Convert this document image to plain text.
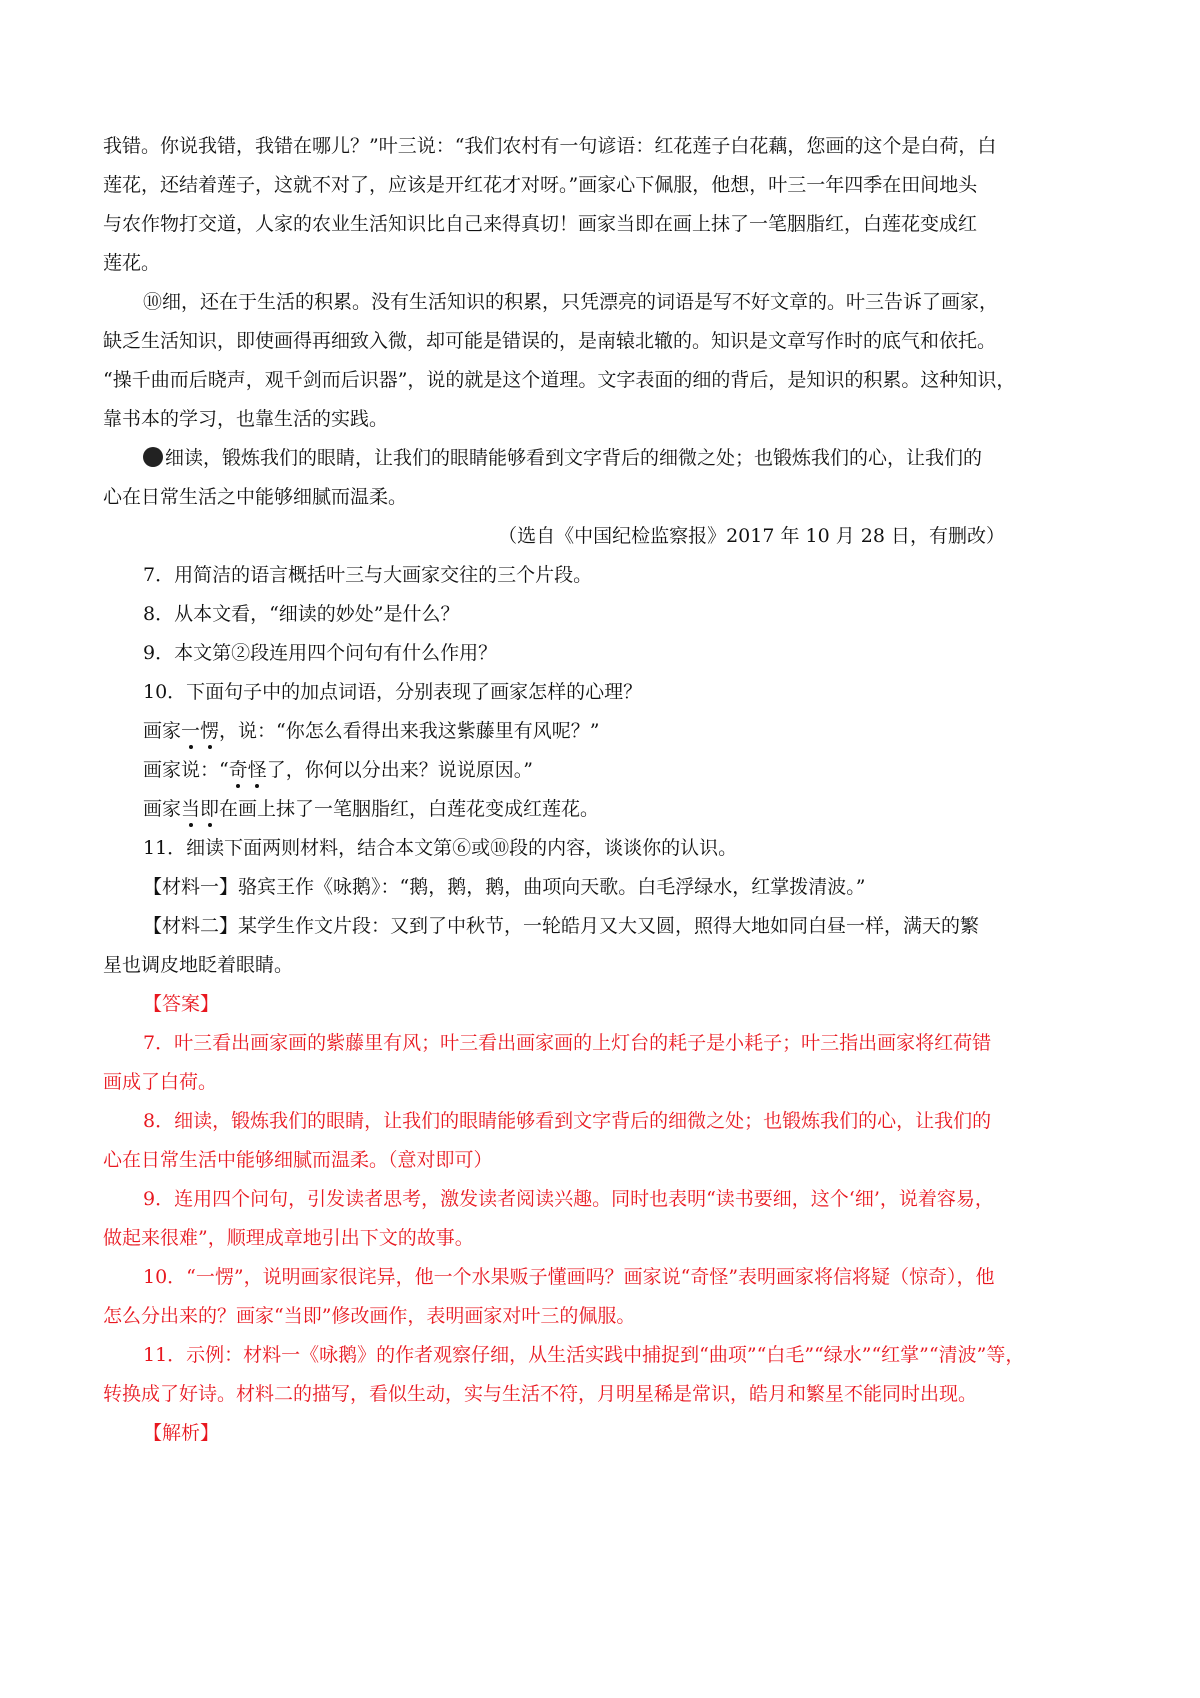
我错。你说我错，我错在哪儿？”叶三说：“我们农村有一句谚语：红花莲子白花藕，您画的这个是白荷，白
莲花，还结着莲子，这就不对了，应该是开红花才对呀。”画家心下佩服，他想，叶三一年四季在田间地头
与农作物打交道，人家的农业生活知识比自己来得真切！画家当即在画上抹了一笔胭脂红，白莲花变成红
莲花。
⑩细，还在于生活的积累。没有生活知识的积累，只凭漂亮的词语是写不好文章的。叶三告诉了画家，
缺乏生活知识，即使画得再细致入微，却可能是错误的，是南辕北辙的。知识是文章写作时的底气和依托。
“操千曲而后晓声，观千剑而后识器”，说的就是这个道理。文字表面的细的背后，是知识的积累。这种知识，
靠书本的学习，也靠生活的实践。
细读，锻炼我们的眼睛，让我们的眼睛能够看到文字背后的细微之处；也锻炼我们的心，让我们的
心在日常生活之中能够细腻而温柔。
（选自《中国纪检监察报》2017 年 10 月 28 日，有删改）
7．用简洁的语言概括叶三与大画家交往的三个片段。
8．从本文看，“细读的妙处”是什么？
9．本文第②段连用四个问句有什么作用？
10．下面句子中的加点词语，分别表现了画家怎样的心理？
画家一愣，说：“你怎么看得出来我这紫藤里有风呢？”
画家说：“奇怪了，你何以分出来？说说原因。”
画家当即在画上抹了一笔胭脂红，白莲花变成红莲花。
11．细读下面两则材料，结合本文第⑥或⑩段的内容，谈谈你的认识。
【材料一】骆宾王作《咏鹅》：“鹅，鹅，鹅，曲项向天歌。白毛浮绿水，红掌拨清波。”
【材料二】某学生作文片段：又到了中秋节，一轮皓月又大又圆，照得大地如同白昼一样，满天的繁
星也调皮地眨着眼睛。
【答案】
7．叶三看出画家画的紫藤里有风；叶三看出画家画的上灯台的耗子是小耗子；叶三指出画家将红荷错
画成了白荷。
8．细读，锻炼我们的眼睛，让我们的眼睛能够看到文字背后的细微之处；也锻炼我们的心，让我们的
心在日常生活中能够细腻而温柔。（意对即可）
9．连用四个问句，引发读者思考，激发读者阅读兴趣。同时也表明“读书要细，这个‘细’，说着容易，
做起来很难”，顺理成章地引出下文的故事。
10．“一愣”，说明画家很诧异，他一个水果贩子懂画吗？画家说“奇怪”表明画家将信将疑（惊奇），他
怎么分出来的？画家“当即”修改画作，表明画家对叶三的佩服。
11．示例：材料一《咏鹅》的作者观察仔细，从生活实践中捕捉到“曲项”“白毛”“绿水”“红掌”“清波”等，
转换成了好诗。材料二的描写，看似生动，实与生活不符，月明星稀是常识，皓月和繁星不能同时出现。
【解析】
